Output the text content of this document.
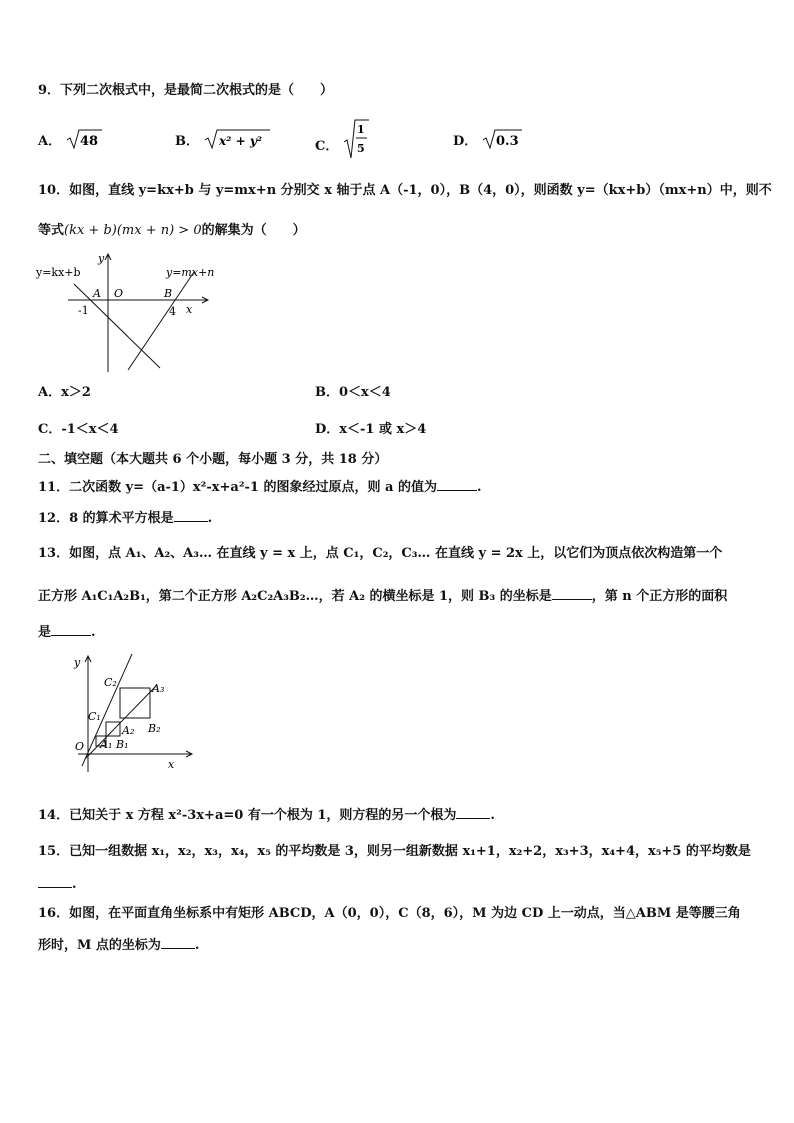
9．下列二次根式中，是最简二次根式的是（　　）
A． 48	B． x² + y²	C．
1
5	D． 0.3
10．如图，直线 y=kx+b 与 y=mx+n 分别交 x 轴于点 A（-1，0），B（4，0），则函数 y=（kx+b）（mx+n）中，则不
等式(kx + b)(mx + n) > 0的解集为（　　）
y=kx+b	y=mx+n
y
x
A O	B
-1	4
A．x＞2	B．0＜x＜4
C．-1＜x＜4	D．x＜-1 或 x＞4
二、填空题（本大题共 6 个小题，每小题 3 分，共 18 分）
11．二次函数 y=（a-1）x²-x+a²-1 的图象经过原点，则 a 的值为	.
12．8 的算术平方根是	.
13．如图，点 A₁、A₂、A₃… 在直线 y = x 上，点 C₁，C₂，C₃… 在直线 y = 2x 上，以它们为顶点依次构造第一个
正方形 A₁C₁A₂B₁，第二个正方形 A₂C₂A₃B₂…，若 A₂ 的横坐标是 1，则 B₃ 的坐标是	，第 n 个正方形的面积
是	.
y
x
O
C₂	A₃
C₁
B₂
A₂
A₁ B₁
14．已知关于 x 方程 x²-3x+a=0 有一个根为 1，则方程的另一个根为	.
15．已知一组数据 x₁，x₂，x₃，x₄，x₅ 的平均数是 3，则另一组新数据 x₁+1，x₂+2，x₃+3，x₄+4，x₅+5 的平均数是
.
16．如图，在平面直角坐标系中有矩形 ABCD，A（0，0），C（8，6），M 为边 CD 上一动点，当△ABM 是等腰三角
形时，M 点的坐标为	.
